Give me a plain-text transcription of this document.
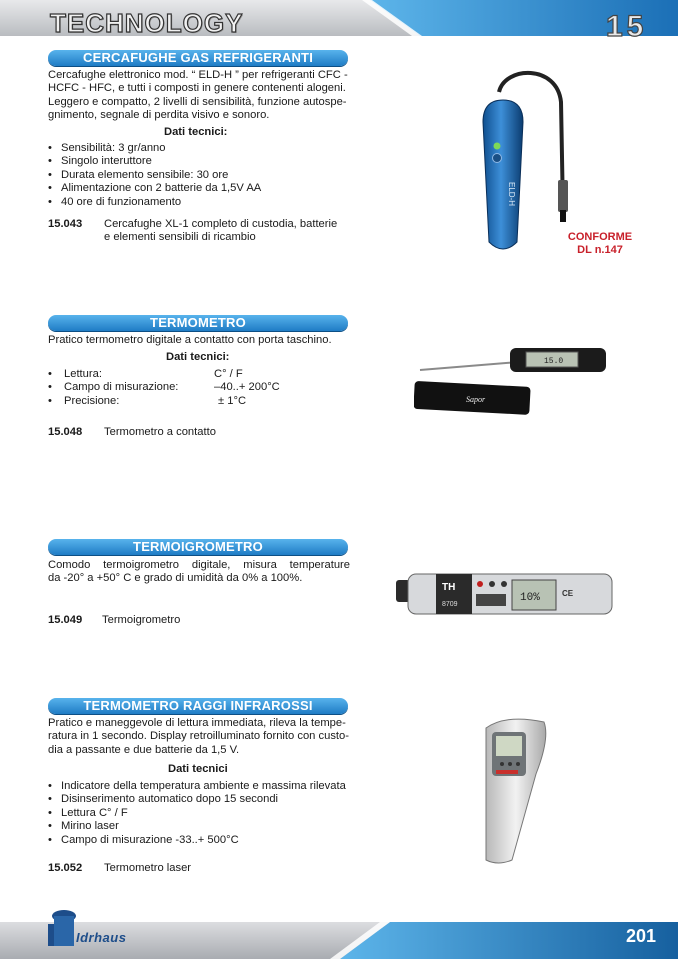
TECHNOLOGY	15
CERCAFUGHE GAS REFRIGERANTI
Cercafughe elettronico mod. “ ELD-H ” per refrigeranti CFC -
HCFC - HFC, e tutti i composti in genere contenenti alogeni.
Leggero e compatto, 2 livelli di sensibilità, funzione autospe-
gnimento, segnale di perdita visivo e sonoro.
Dati tecnici:
• Sensibilità: 3 gr/anno
• Singolo interuttore
• Durata elemento sensibile: 30 ore
• Alimentazione con 2 batterie da 1,5V AA
• 40 ore di funzionamento
15.043 Cercafughe XL-1 completo di custodia, batterie
e elementi sensibili di ricambio
ELD-H
CONFORME
DL n.147
TERMOMETRO
Pratico termometro digitale a contatto con porta taschino.
Dati tecnici:
• Lettura:	C° / F
• Campo di misurazione:	–40..+ 200°C
• Precisione:	± 1°C
15.048 Termometro a contatto
15.0
Sapor
TERMOIGROMETRO
Comodo termoigrometro digitale, misura temperature
da -20° a +50° C e grado di umidità da 0% a 100%.
15.049 Termoigrometro
TH
8709
10%	CE
TERMOMETRO RAGGI INFRAROSSI
Pratico e maneggevole di lettura immediata, rileva la tempe-
ratura in 1 secondo. Display retroilluminato fornito con custo-
dia a passante e due batterie da 1,5 V.
Dati tecnici
• Indicatore della temperatura ambiente e massima rilevata
• Disinserimento automatico dopo 15 secondi
• Lettura C° / F
• Mirino laser
• Campo di misurazione -33..+ 500°C
15.052 Termometro laser
Idrhaus	201
